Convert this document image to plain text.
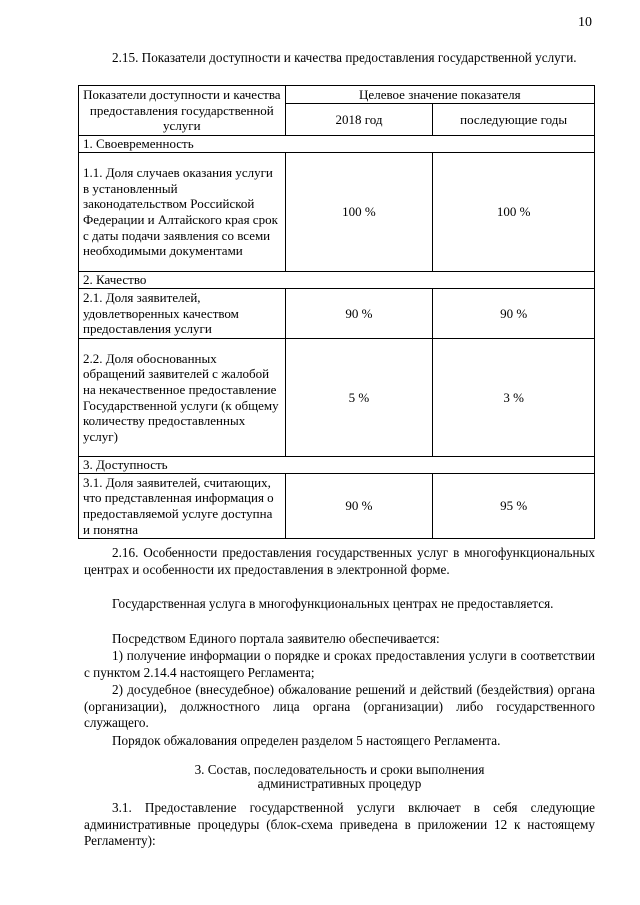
10

2.15. Показатели доступности и качества предоставления государственной услуги.

Показатели доступности и качества предоставления государственной услуги	Целевое значение показателя	
	2018 год	последующие годы
1. Своевременность		
1.1. Доля случаев оказания услуги в установленный законодательством Российской Федерации и Алтайского края срок с даты подачи заявления со всеми необходимыми документами	100 %	100 %
2. Качество		
2.1. Доля заявителей, удовлетворенных качеством предоставления услуги	90 %	90 %
2.2. Доля обоснованных обращений заявителей с жалобой на некачественное предоставление Государственной услуги (к общему количеству предоставленных услуг)	5 %	3 %
3. Доступность		
3.1. Доля заявителей, считающих, что представленная информация о предоставляемой услуге доступна и понятна	90 %	95 %

2.16. Особенности предоставления государственных услуг в многофункциональных центрах и особенности их предоставления в электронной форме.

Государственная услуга в многофункциональных центрах не предоставляется.

Посредством Единого портала заявителю обеспечивается:

1) получение информации о порядке и сроках предоставления услуги в соответствии с пунктом 2.14.4 настоящего Регламента;

2) досудебное (внесудебное) обжалование решений и действий (бездействия) органа (организации), должностного лица органа (организации) либо государственного служащего.

Порядок обжалования определен разделом 5 настоящего Регламента.

3. Состав, последовательность и сроки выполнения

административных процедур

3.1. Предоставление государственной услуги включает в себя следующие административные процедуры (блок-схема приведена в приложении 12 к настоящему Регламенту):
